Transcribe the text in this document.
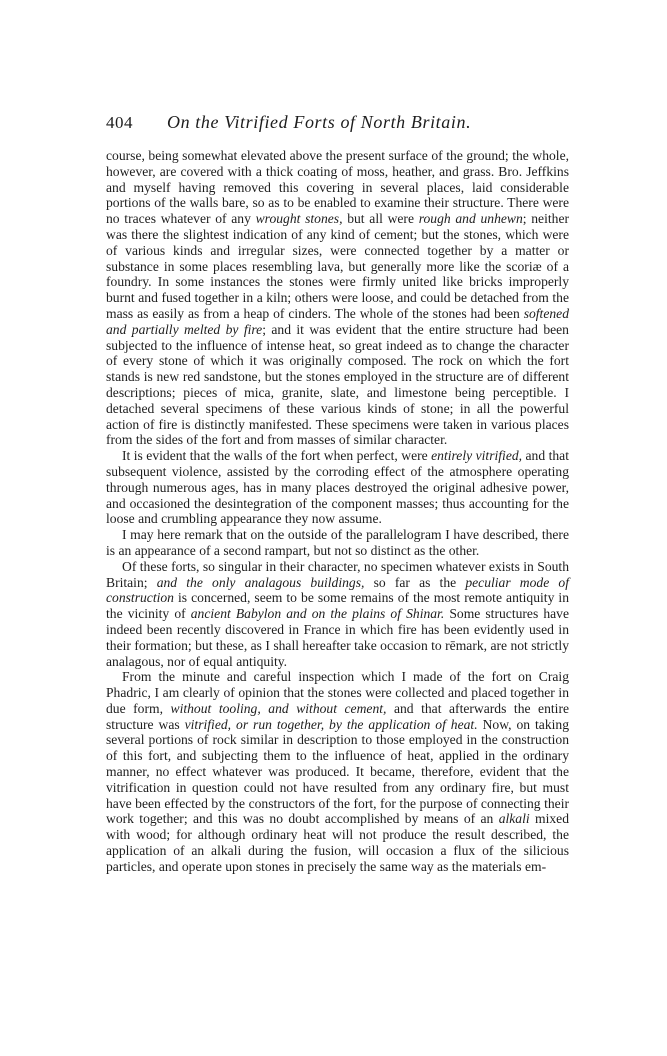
404	On the Vitrified Forts of North Britain.

course, being somewhat elevated above the present surface of the ground; the whole, however, are covered with a thick coating of moss, heather, and grass. Bro. Jeffkins and myself having removed this covering in several places, laid considerable portions of the walls bare, so as to be enabled to examine their structure. There were no traces whatever of any wrought stones, but all were rough and unhewn; neither was there the slightest indication of any kind of cement; but the stones, which were of various kinds and irregular sizes, were connected together by a matter or substance in some places resembling lava, but generally more like the scoriæ of a foundry. In some instances the stones were firmly united like bricks improperly burnt and fused together in a kiln; others were loose, and could be detached from the mass as easily as from a heap of cinders. The whole of the stones had been softened and partially melted by fire; and it was evident that the entire structure had been subjected to the influence of intense heat, so great indeed as to change the character of every stone of which it was originally composed. The rock on which the fort stands is new red sandstone, but the stones employed in the structure are of different descriptions; pieces of mica, granite, slate, and limestone being perceptible. I detached several specimens of these various kinds of stone; in all the powerful action of fire is distinctly manifested. These specimens were taken in various places from the sides of the fort and from masses of similar character.

It is evident that the walls of the fort when perfect, were entirely vitrified, and that subsequent violence, assisted by the corroding effect of the atmosphere operating through numerous ages, has in many places destroyed the original adhesive power, and occasioned the desintegration of the component masses; thus accounting for the loose and crumbling appearance they now assume.

I may here remark that on the outside of the parallelogram I have described, there is an appearance of a second rampart, but not so distinct as the other.

Of these forts, so singular in their character, no specimen whatever exists in South Britain; and the only analagous buildings, so far as the peculiar mode of construction is concerned, seem to be some remains of the most remote antiquity in the vicinity of ancient Babylon and on the plains of Shinar. Some structures have indeed been recently discovered in France in which fire has been evidently used in their formation; but these, as I shall hereafter take occasion to rēmark, are not strictly analagous, nor of equal antiquity.

From the minute and careful inspection which I made of the fort on Craig Phadric, I am clearly of opinion that the stones were collected and placed together in due form, without tooling, and without cement, and that afterwards the entire structure was vitrified, or run together, by the application of heat. Now, on taking several portions of rock similar in description to those employed in the construction of this fort, and subjecting them to the influence of heat, applied in the ordinary manner, no effect whatever was produced. It became, therefore, evident that the vitrification in question could not have resulted from any ordinary fire, but must have been effected by the constructors of the fort, for the purpose of connecting their work together; and this was no doubt accomplished by means of an alkali mixed with wood; for although ordinary heat will not produce the result described, the application of an alkali during the fusion, will occasion a flux of the silicious particles, and operate upon stones in precisely the same way as the materials em-
